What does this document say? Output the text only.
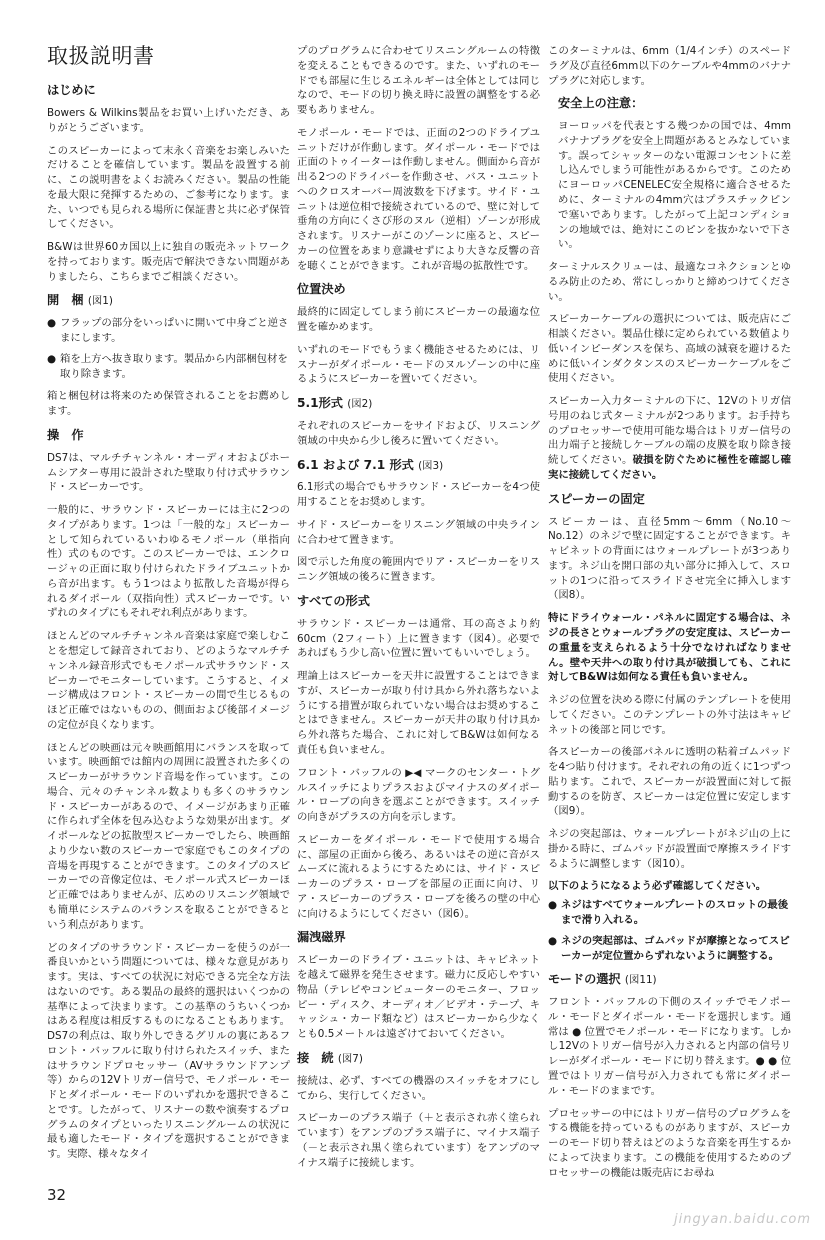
取扱説明書
はじめに

Bowers & Wilkins製品をお買い上げいただき、ありがとうございます。

このスピーカーによって末永く音楽をお楽しみいただけることを確信しています。製品を設置する前に、この説明書をよくお読みください。製品の性能を最大限に発揮するための、ご参考になります。また、いつでも見られる場所に保証書と共に必ず保管してください。

B&Wは世界60カ国以上に独自の販売ネットワークを持っております。販売店で解決できない問題がありましたら、こちらまでご相談ください。

開　梱 (図1)
● フラップの部分をいっぱいに開いて中身ごと逆さまにします。
● 箱を上方へ抜き取ります。製品から内部梱包材を取り除きます。

箱と梱包材は将来のため保管されることをお薦めします。

操　作

DS7は、マルチチャンネル・オーディオおよびホームシアター専用に設計された壁取り付け式サラウンド・スピーカーです。

一般的に、サラウンド・スピーカーには主に2つのタイプがあります。1つは「一般的な」スピーカーとして知られているいわゆるモノポール（単指向性）式のものです。このスピーカーでは、エンクロージャの正面に取り付けられたドライブユニットから音が出ます。もう1つはより拡散した音場が得られるダイポール（双指向性）式スピーカーです。いずれのタイプにもそれぞれ利点があります。

ほとんどのマルチチャンネル音楽は家庭で楽しむことを想定して録音されており、どのようなマルチチャンネル録音形式でもモノポール式サラウンド・スピーカーでモニターしています。こうすると、イメージ構成はフロント・スピーカーの間で生じるものほど正確ではないものの、側面および後部イメージの定位が良くなります。

ほとんどの映画は元々映画館用にバランスを取っています。映画館では館内の周囲に設置された多くのスピーカーがサラウンド音場を作っています。この場合、元々のチャンネル数よりも多くのサラウンド・スピーカーがあるので、イメージがあまり正確に作られず全体を包み込むような効果が出ます。ダイポールなどの拡散型スピーカーでしたら、映画館より少ない数のスピーカーで家庭でもこのタイプの音場を再現することができます。このタイプのスピーカーでの音像定位は、モノポール式スピーカーほど正確ではありませんが、広めのリスニング領域でも簡単にシステムのバランスを取ることができるという利点があります。

どのタイプのサラウンド・スピーカーを使うのが一番良いかという問題については、様々な意見があります。実は、すべての状況に対応できる完全な方法はないのです。ある製品の最終的選択はいくつかの基準によって決まります。この基準のうちいくつかはある程度は相反するものになることもあります。DS7の利点は、取り外しできるグリルの裏にあるフロント・バッフルに取り付けられたスイッチ、またはサラウンドプロセッサー（AVサラウンドアンプ等）からの12Vトリガー信号で、モノポール・モードとダイポール・モードのいずれかを選択できることです。したがって、リスナーの数や演奏するプログラムのタイプといったリスニングルームの状況に最も適したモード・タイプを選択することができます。実際、様々なタイ

プのプログラムに合わせてリスニングルームの特徴を変えることもできるのです。また、いずれのモードでも部屋に生じるエネルギーは全体としては同じなので、モードの切り換え時に設置の調整をする必要もありません。

モノポール・モードでは、正面の2つのドライブユニットだけが作動します。ダイポール・モードでは正面のトゥイーターは作動しません。側面から音が出る2つのドライバーを作動させ、バス・ユニットへのクロスオーバー周波数を下げます。サイド・ユニットは逆位相で接続されているので、壁に対して垂角の方向にくさび形のヌル（逆相）ゾーンが形成されます。リスナーがこのゾーンに座ると、スピーカーの位置をあまり意識せずにより大きな反響の音を聴くことができます。これが音場の拡散性です。

位置決め

最終的に固定してしまう前にスピーカーの最適な位置を確かめます。

いずれのモードでもうまく機能させるためには、リスナーがダイポール・モードのヌルゾーンの中に座るようにスピーカーを置いてください。

5.1形式 (図2)

それぞれのスピーカーをサイドおよび、リスニング領域の中央から少し後ろに置いてください。

6.1 および 7.1 形式 (図3)

6.1形式の場合でもサラウンド・スピーカーを4つ使用することをお奨めします。

サイド・スピーカーをリスニング領域の中央ラインに合わせて置きます。

図で示した角度の範囲内でリア・スピーカーをリスニング領域の後ろに置きます。

すべての形式

サラウンド・スピーカーは通常、耳の高さより約60cm（2フィート）上に置きます（図4）。必要であればもう少し高い位置に置いてもいいでしょう。

理論上はスピーカーを天井に設置することはできますが、スピーカーが取り付け具から外れ落ちないようにする措置が取られていない場合はお奨めすることはできません。スピーカーが天井の取り付け具から外れ落ちた場合、これに対してB&Wは如何なる責任も負いません。

フロント・バッフルの ▶◀ マークのセンター・トグルスイッチによりプラスおよびマイナスのダイポール・ローブの向きを選ぶことができます。スイッチの向きがプラスの方向を示します。

スピーカーをダイポール・モードで使用する場合に、部屋の正面から後ろ、あるいはその逆に音がスムーズに流れるようにするためには、サイド・スピーカーのプラス・ローブを部屋の正面に向け、リア・スピーカーのプラス・ローブを後ろの壁の中心に向けるようにしてください（図6）。

漏洩磁界

スピーカーのドライブ・ユニットは、キャビネットを越えて磁界を発生させます。磁力に反応しやすい物品（テレビやコンピューターのモニター、フロッピー・ディスク、オーディオ／ビデオ・テープ、キャッシュ・カード類など）はスピーカーから少なくとも0.5メートルは遠ざけておいてください。

接　続 (図7)

接続は、必ず、すべての機器のスイッチをオフにしてから、実行してください。

スピーカーのプラス端子（＋と表示され赤く塗られています）をアンプのプラス端子に、マイナス端子（－と表示され黒く塗られています）をアンプのマイナス端子に接続します。

このターミナルは、6mm（1/4インチ）のスペードラグ及び直径6mm以下のケーブルや4mmのバナナプラグに対応します。

安全上の注意：

ヨーロッパを代表とする幾つかの国では、4mmバナナプラグを安全上問題があるとみなしています。誤ってシャッターのない電源コンセントに差し込んでしまう可能性があるからです。このためにヨーロッパCENELEC安全規格に適合させるために、ターミナルの4mm穴はプラスチックピンで塞いであります。したがって上記コンディションの地域では、絶対にこのピンを抜かないで下さい。

ターミナルスクリューは、最適なコネクションとゆるみ防止のため、常にしっかりと締めつけてください。

スピーカーケーブルの選択については、販売店にご相談ください。製品仕様に定められている数値より低いインピーダンスを保ち、高域の減衰を避けるために低いインダクタンスのスピーカーケーブルをご使用ください。

スピーカー入力ターミナルの下に、12Vのトリガ信号用のねじ式ターミナルが2つあります。お手持ちのプロセッサーで使用可能な場合はトリガー信号の出力端子と接続しケーブルの端の皮膜を取り除き接続してください。破損を防ぐために極性を確認し確実に接続してください。

スピーカーの固定

スピーカーは、直径5mm～6mm（No.10～No.12）のネジで壁に固定することができます。キャビネットの背面にはウォールプレートが3つあります。ネジ山を開口部の丸い部分に挿入して、スロットの1つに沿ってスライドさせ完全に挿入します（図8）。

特にドライウォール・パネルに固定する場合は、ネジの長さとウォールプラグの安定度は、スピーカーの重量を支えられるよう十分でなければなりません。壁や天井への取り付け具が破損しても、これに対してB&Wは如何なる責任も負いません。

ネジの位置を決める際に付属のテンプレートを使用してください。このテンプレートの外寸法はキャビネットの後部と同じです。

各スピーカーの後部パネルに透明の粘着ゴムパッドを4つ貼り付けます。それぞれの角の近くに1つずつ貼ります。これで、スピーカーが設置面に対して振動するのを防ぎ、スピーカーは定位置に安定します（図9）。

ネジの突起部は、ウォールプレートがネジ山の上に掛かる時に、ゴムパッドが設置面で摩擦スライドするように調整します（図10）。

以下のようになるよう必ず確認してください。

● ネジはすべてウォールプレートのスロットの最後まで滑り入れる。
● ネジの突起部は、ゴムパッドが摩擦となってスピーカーが定位置からずれないように調整する。
モードの選択 (図11)

フロント・バッフルの下側のスイッチでモノポール・モードとダイポール・モードを選択します。通常は ● 位置でモノポール・モードになります。しかし12Vのトリガー信号が入力されると内部の信号リレーがダイポール・モードに切り替えます。● ● 位置ではトリガー信号が入力されても常にダイポール・モードのままです。

プロセッサーの中にはトリガー信号のプログラムをする機能を持っているものがありますが、スピーカーのモード切り替えはどのような音楽を再生するかによって決まります。この機能を使用するためのプロセッサーの機能は販売店にお尋ね

32
jingyan.baidu.com
